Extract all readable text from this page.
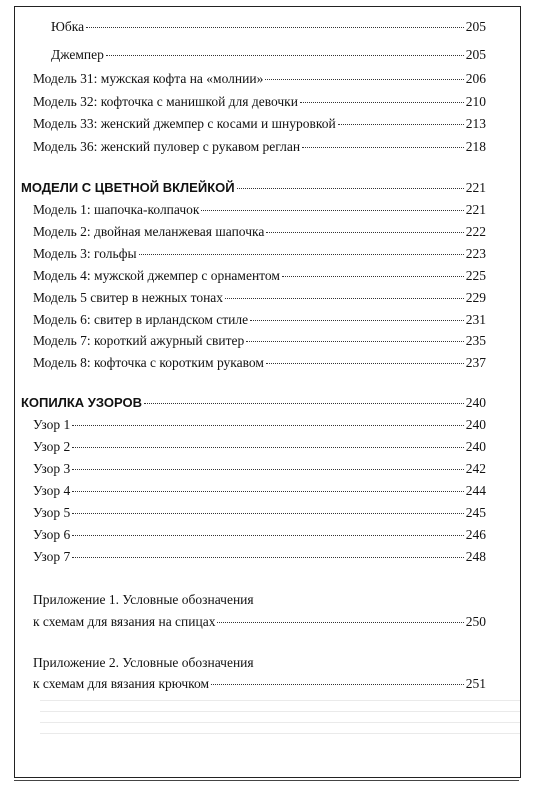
Юбка	205
Джемпер	205
Модель 31: мужская кофта на «молнии»	206
Модель 32: кофточка с манишкой для девочки	210
Модель 33: женский джемпер с косами и шнуровкой	213
Модель 36: женский пуловер с рукавом реглан	218
МОДЕЛИ С ЦВЕТНОЙ ВКЛЕЙКОЙ	221
Модель 1: шапочка-колпачок	221
Модель 2: двойная меланжевая шапочка	222
Модель 3: гольфы	223
Модель 4: мужской джемпер с орнаментом	225
Модель 5 свитер в нежных тонах	229
Модель 6: свитер в ирландском стиле	231
Модель 7: короткий ажурный свитер	235
Модель 8: кофточка с коротким рукавом	237
КОПИЛКА УЗОРОВ	240
Узор 1	240
Узор 2	240
Узор 3	242
Узор 4	244
Узор 5	245
Узор 6	246
Узор 7	248
Приложение 1. Условные обозначения
к схемам для вязания на спицах	250
Приложение 2. Условные обозначения
к схемам для вязания крючком	251
